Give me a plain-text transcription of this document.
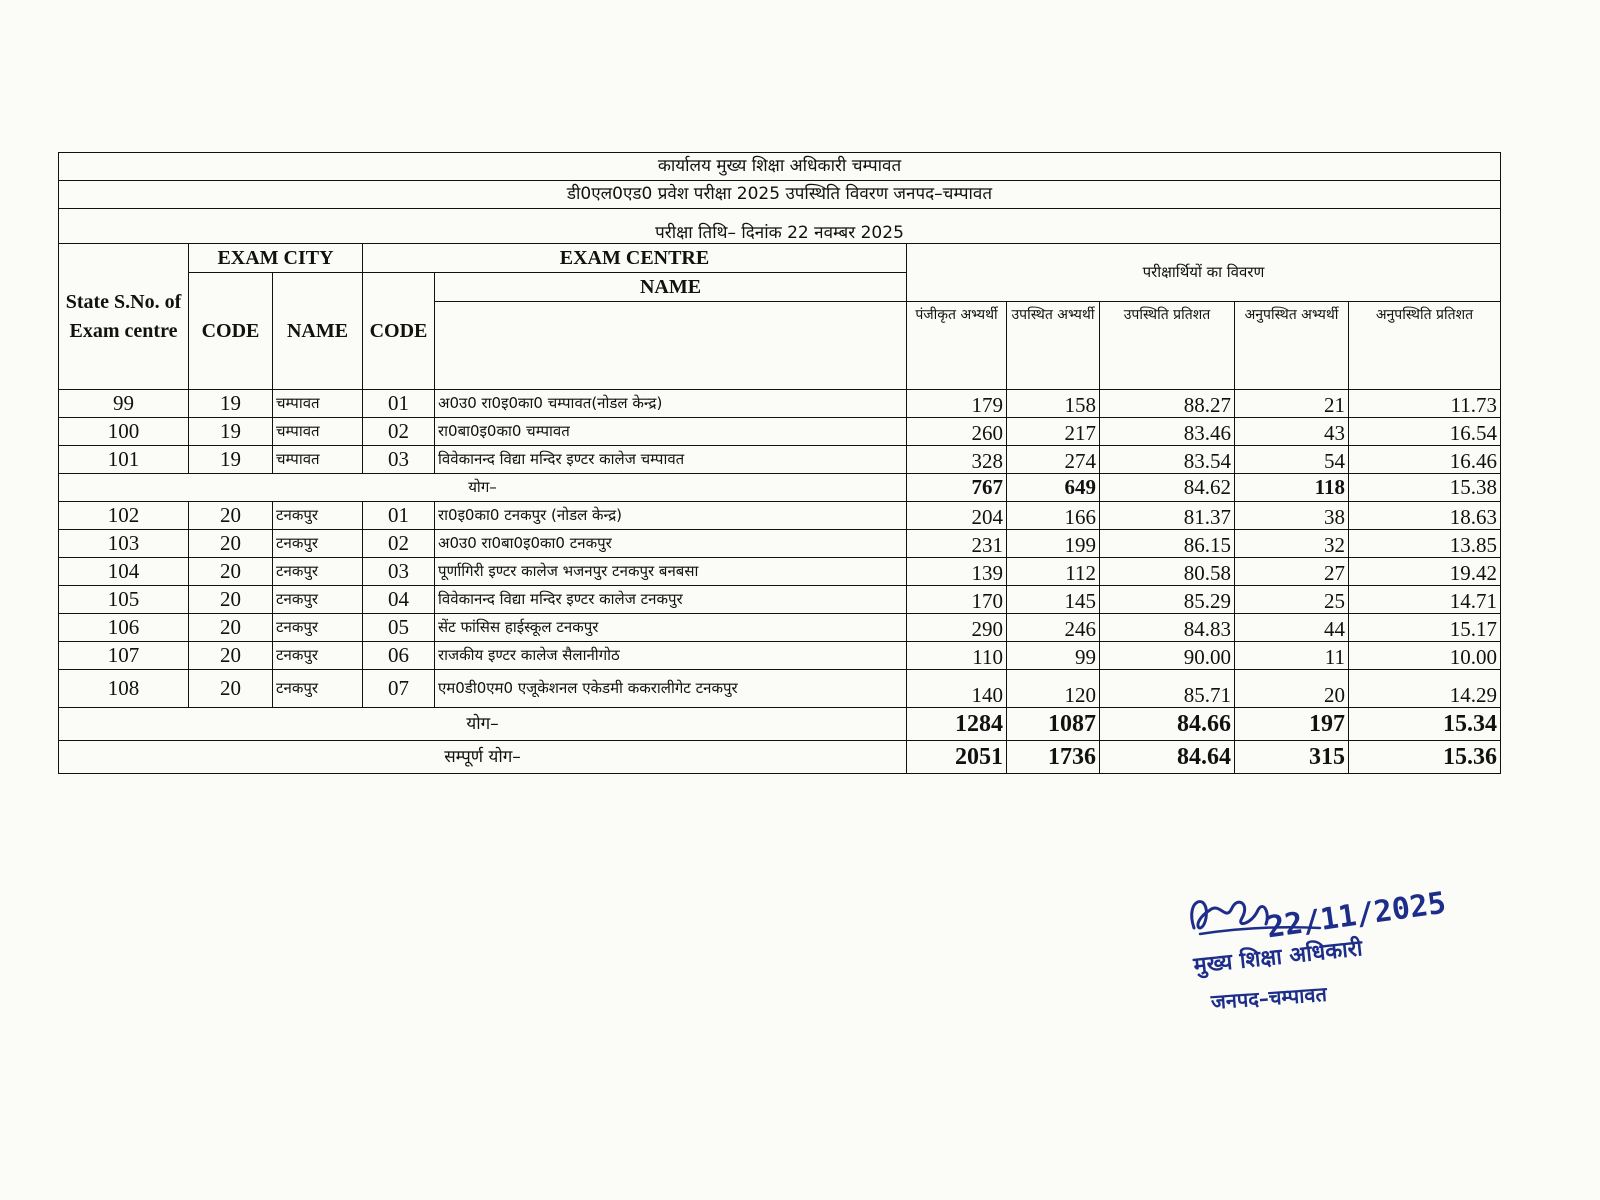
कार्यालय मुख्य शिक्षा अधिकारी चम्पावत									
डी0एल0एड0 प्रवेश परीक्षा 2025 उपस्थिति विवरण जनपद–चम्पावत									
परीक्षा तिथि– दिनांक 22 नवम्बर 2025									
State S.No. of Exam centre	EXAM CITY		EXAM CENTRE		परीक्षार्थियों का विवरण				
	CODE	NAME	CODE	NAME					
					पंजीकृत अभ्यर्थी	उपस्थित अभ्यर्थी	उपस्थिति प्रतिशत	अनुपस्थित अभ्यर्थी	अनुपस्थिति प्रतिशत
99	19	चम्पावत	01	अ0उ0 रा0इ0का0 चम्पावत(नोडल केन्द्र)	179	158	88.27	21	11.73
100	19	चम्पावत	02	रा0बा0इ0का0 चम्पावत	260	217	83.46	43	16.54
101	19	चम्पावत	03	विवेकानन्द विद्या मन्दिर इण्टर कालेज चम्पावत	328	274	83.54	54	16.46
योग–					767	649	84.62	118	15.38
102	20	टनकपुर	01	रा0इ0का0 टनकपुर (नोडल केन्द्र)	204	166	81.37	38	18.63
103	20	टनकपुर	02	अ0उ0 रा0बा0इ0का0 टनकपुर	231	199	86.15	32	13.85
104	20	टनकपुर	03	पूर्णागिरी इण्टर कालेज भजनपुर टनकपुर बनबसा	139	112	80.58	27	19.42
105	20	टनकपुर	04	विवेकानन्द विद्या मन्दिर इण्टर कालेज टनकपुर	170	145	85.29	25	14.71
106	20	टनकपुर	05	सेंट फांसिस हाईस्कूल टनकपुर	290	246	84.83	44	15.17
107	20	टनकपुर	06	राजकीय इण्टर कालेज सैलानीगोठ	110	99	90.00	11	10.00
108	20	टनकपुर	07	एम0डी0एम0 एजूकेशनल एकेडमी ककरालीगेट टनकपुर	140	120	85.71	20	14.29
योग–					1284	1087	84.66	197	15.34
सम्पूर्ण योग–					2051	1736	84.64	315	15.36
22/11/2025
मुख्य शिक्षा अधिकारी
जनपद–चम्पावत
